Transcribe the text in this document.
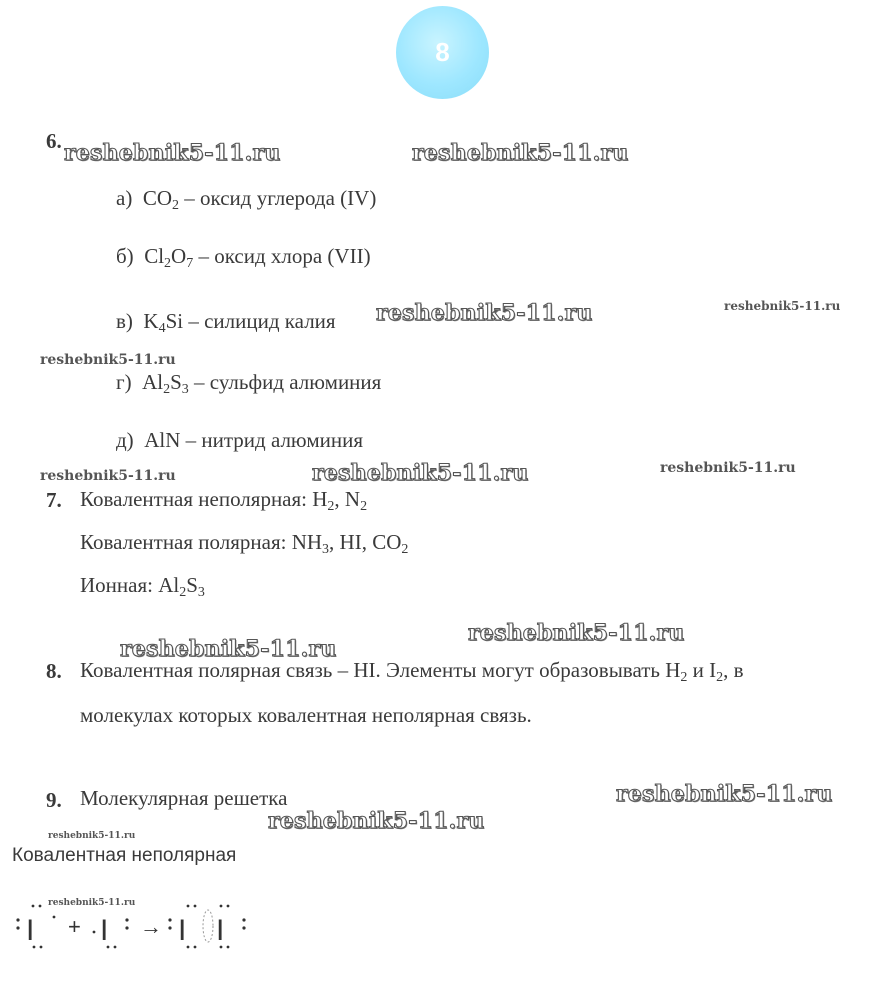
8
6.
а) $CO_2$ – оксид углерода (IV)
б) $Cl_2O_7$ – оксид хлора (VII)
в) $K_4Si$ – силицид калия
г) $Al_2S_3$ – сульфид алюминия
д) AlN – нитрид алюминия
7. Ковалентная неполярная: $H_2$, $N_2$
Ковалентная полярная: $NH_3$, HI, $CO_2$
Ионная: $Al_2S_3$
8. Ковалентная полярная связь – HI. Элементы могут образовывать $H_2$ и $I_2$, в
молекулах которых ковалентная неполярная связь.
9. Молекулярная решетка
Ковалентная неполярная
I + I → I I
reshebnik5-11.ru	reshebnik5-11.ru
reshebnik5-11.ru	reshebnik5-11.ru
reshebnik5-11.ru
reshebnik5-11.ru	reshebnik5-11.ru	reshebnik5-11.ru
reshebnik5-11.ru
reshebnik5-11.ru
reshebnik5-11.ru
reshebnik5-11.ru
reshebnik5-11.ru
reshebnik5-11.ru
